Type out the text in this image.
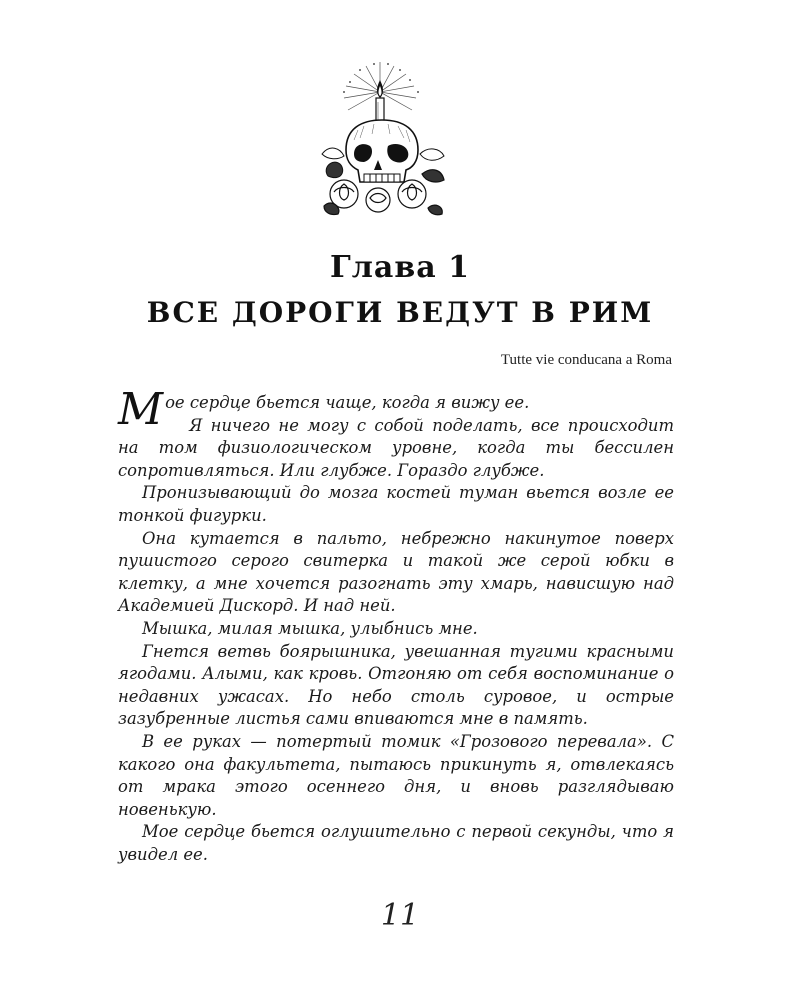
Глава 1
ВСЕ ДОРОГИ ВЕДУТ В РИМ

Tutte vie conducana a Roma

Мое сердце бьется чаще, когда я вижу ее.

Я ничего не могу с собой поделать, все происходит на том физиологическом уровне, когда ты бессилен сопротивляться. Или глубже. Гораздо глубже.

Пронизывающий до мозга костей туман вьется возле ее тонкой фигурки.

Она кутается в пальто, небрежно накинутое поверх пушистого серого свитерка и такой же серой юбки в клетку, а мне хочется разогнать эту хмарь, нависшую над Академией Дискорд. И над ней.

Мышка, милая мышка, улыбнись мне.

Гнется ветвь боярышника, увешанная тугими красными ягодами. Алыми, как кровь. Отгоняю от себя воспоминание о недавних ужасах. Но небо столь суровое, и острые зазубренные листья сами впиваются мне в память.

В ее руках — потертый томик «Грозового перевала». С какого она факультета, пытаюсь прикинуть я, отвлекаясь от мрака этого осеннего дня, и вновь разглядываю новенькую.

Мое сердце бьется оглушительно с первой секунды, что я увидел ее.

11
